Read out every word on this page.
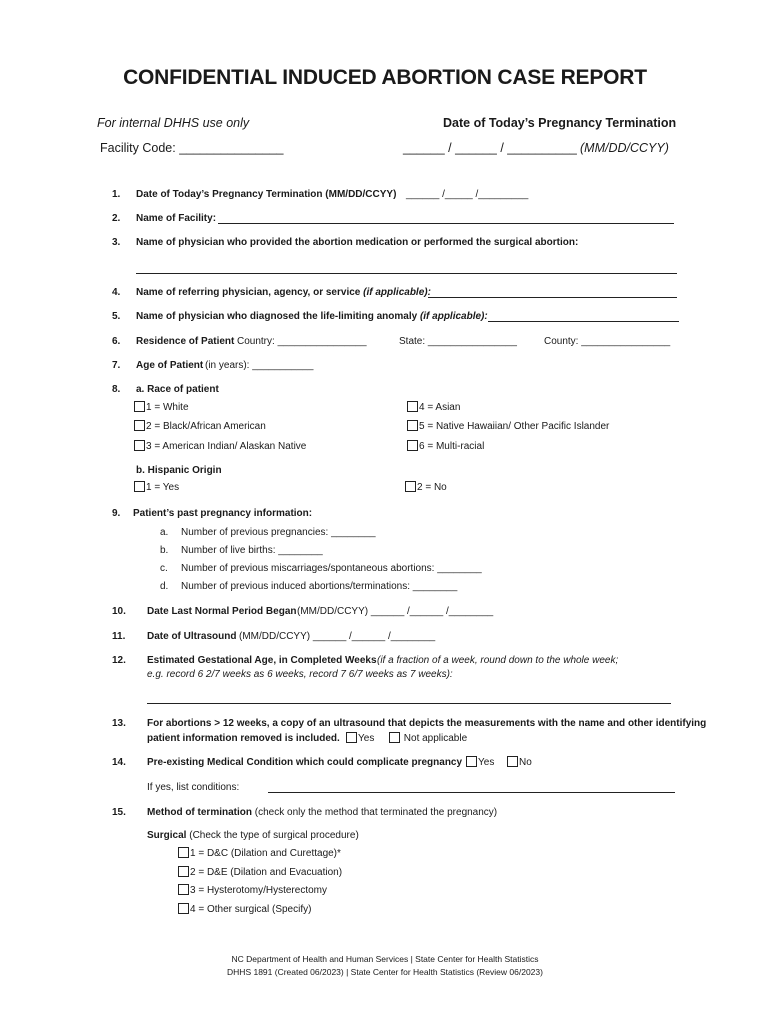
CONFIDENTIAL INDUCED ABORTION CASE REPORT
For internal DHHS use only	Date of Today’s Pregnancy Termination
Facility Code: _______________	______ / ______ / __________ (MM/DD/CCYY)
1. Date of Today’s Pregnancy Termination (MM/DD/CCYY) ______ /_____ /_________
2. Name of Facility:
3. Name of physician who provided the abortion medication or performed the surgical abortion:
4. Name of referring physician, agency, or service (if applicable):
5. Name of physician who diagnosed the life-limiting anomaly (if applicable):
6. Residence of Patient Country: ________________	State: ________________	County: ________________
7. Age of Patient (in years): ___________
8. a. Race of patient
1 = White
2 = Black/African American
3 = American Indian/ Alaskan Native
4 = Asian
5 = Native Hawaiian/ Other Pacific Islander
6 = Multi-racial
b. Hispanic Origin
1 = Yes	2 = No
9. Patient’s past pregnancy information:
a. Number of previous pregnancies: ________
b. Number of live births: ________
c. Number of previous miscarriages/spontaneous abortions: ________
d. Number of previous induced abortions/terminations: ________
10. Date Last Normal Period Began (MM/DD/CCYY) ______ /______ /________
11. Date of Ultrasound (MM/DD/CCYY) ______ /______ /________
12. Estimated Gestational Age, in Completed Weeks (if a fraction of a week, round down to the whole week;
e.g. record 6 2/7 weeks as 6 weeks, record 7 6/7 weeks as 7 weeks):
13. For abortions > 12 weeks, a copy of an ultrasound that depicts the measurements with the name and other identifying
patient information removed is included.	Yes	Not applicable
14. Pre-existing Medical Condition which could complicate pregnancy	Yes	No
If yes, list conditions:
15. Method of termination (check only the method that terminated the pregnancy)
Surgical (Check the type of surgical procedure)
1 = D&C (Dilation and Curettage)*
2 = D&E (Dilation and Evacuation)
3 = Hysterotomy/Hysterectomy
4 = Other surgical (Specify)
NC Department of Health and Human Services | State Center for Health Statistics
DHHS 1891 (Created 06/2023) | State Center for Health Statistics (Review 06/2023)
